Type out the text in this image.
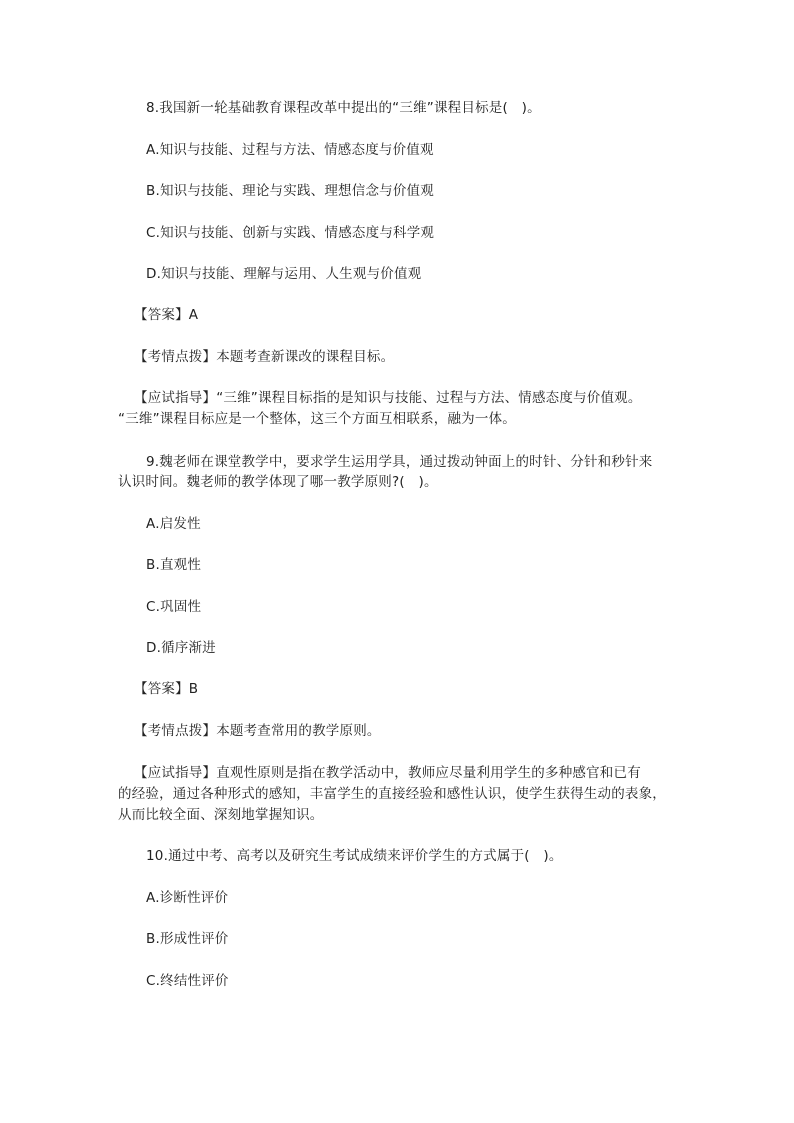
8.我国新一轮基础教育课程改革中提出的“三维”课程目标是(　)。
A.知识与技能、过程与方法、情感态度与价值观
B.知识与技能、理论与实践、理想信念与价值观
C.知识与技能、创新与实践、情感态度与科学观
D.知识与技能、理解与运用、人生观与价值观
【答案】A
【考情点拨】本题考查新课改的课程目标。
【应试指导】“三维”课程目标指的是知识与技能、过程与方法、情感态度与价值观。
“三维”课程目标应是一个整体，这三个方面互相联系，融为一体。
9.魏老师在课堂教学中，要求学生运用学具，通过拨动钟面上的时针、分针和秒针来
认识时间。魏老师的教学体现了哪一教学原则?(　)。
A.启发性
B.直观性
C.巩固性
D.循序渐进
【答案】B
【考情点拨】本题考查常用的教学原则。
【应试指导】直观性原则是指在教学活动中，教师应尽量利用学生的多种感官和已有
的经验，通过各种形式的感知，丰富学生的直接经验和感性认识，使学生获得生动的表象，
从而比较全面、深刻地掌握知识。
10.通过中考、高考以及研究生考试成绩来评价学生的方式属于(　)。
A.诊断性评价
B.形成性评价
C.终结性评价
